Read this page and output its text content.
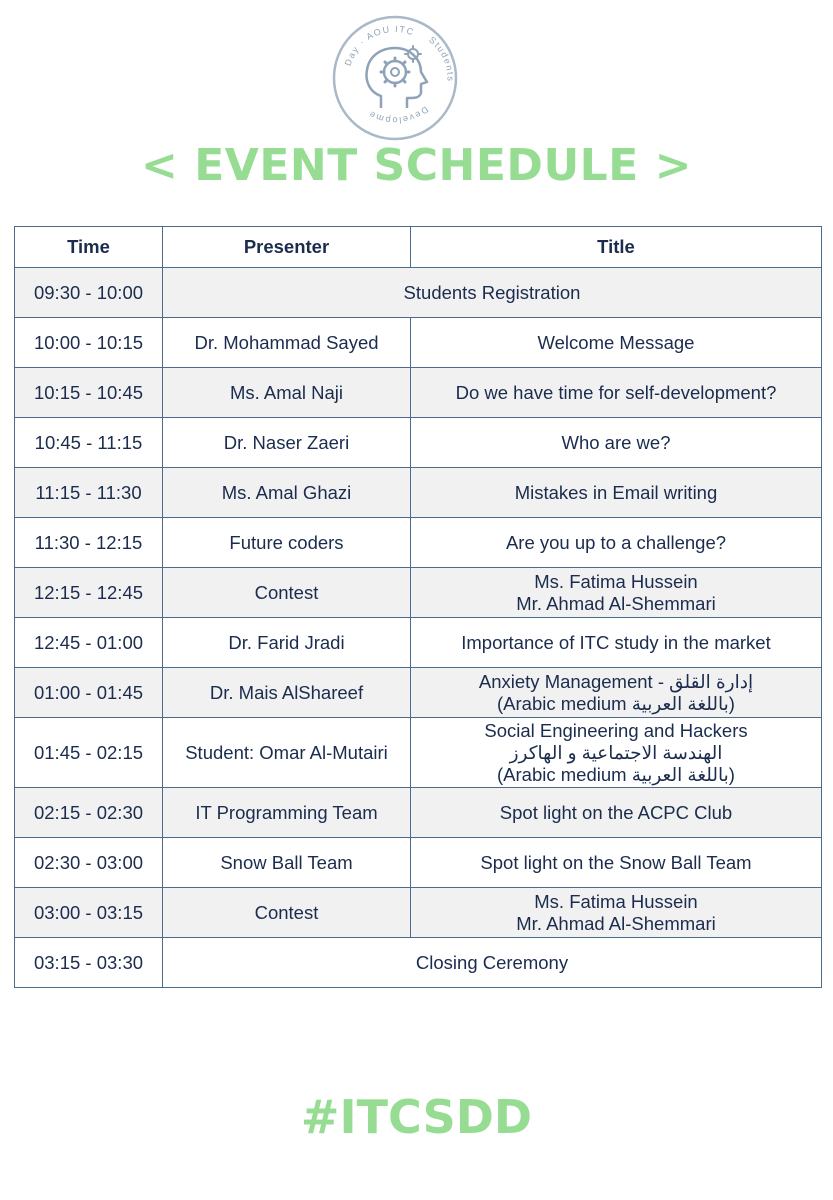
Day · AOU ITC
Students
Developme
< EVENT SCHEDULE >
Time	Presenter	Title
09:30 - 10:00	Students Registration	
10:00 - 10:15	Dr. Mohammad Sayed	Welcome Message

10:15 - 10:45	Ms. Amal Naji	Do we have time for self-development?

10:45 - 11:15	Dr. Naser Zaeri	Who are we?

11:15 - 11:30	Ms. Amal Ghazi	Mistakes in Email writing

11:30 - 12:15	Future coders	Are you up to a challenge?

12:15 - 12:45	Contest	Ms. Fatima Hussein
Mr. Ahmad Al-Shemmari

12:45 - 01:00	Dr. Farid Jradi	Importance of ITC study in the market

01:00 - 01:45	Dr. Mais AlShareef	Anxiety Management - إدارة القلق
(Arabic medium باللغة العربية)

01:45 - 02:15	Student: Omar Al-Mutairi	Social Engineering and Hackers
الهندسة الاجتماعية و الهاكرز
(Arabic medium باللغة العربية)

02:15 - 02:30	IT Programming Team	Spot light on the ACPC Club

02:30 - 03:00	Snow Ball Team	Spot light on the Snow Ball Team

03:00 - 03:15	Contest	Ms. Fatima Hussein
Mr. Ahmad Al-Shemmari

03:15 - 03:30	Closing Ceremony	
#ITCSDD
